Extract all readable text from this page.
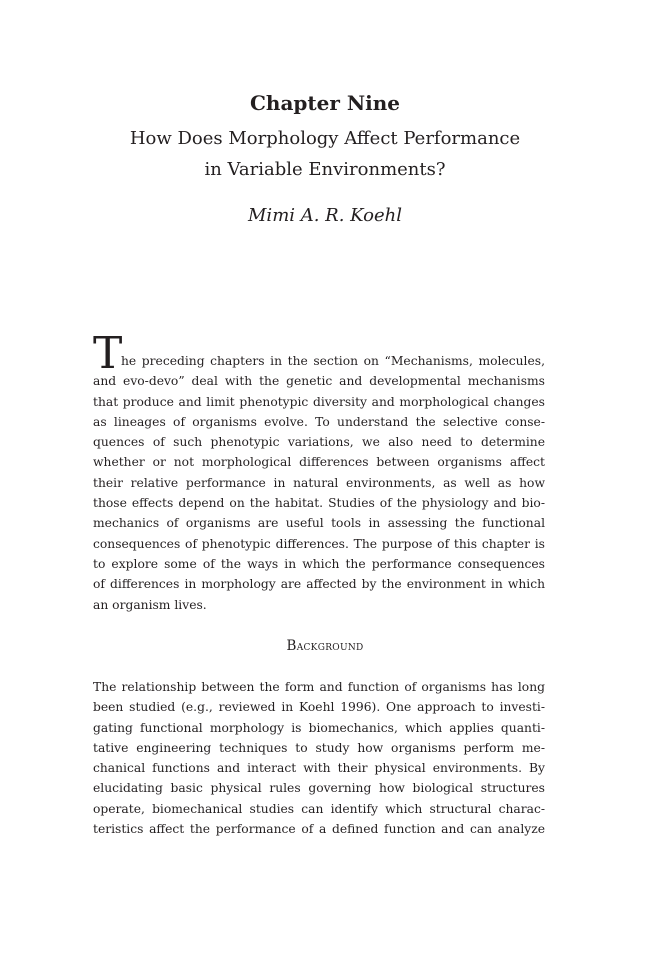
Chapter Nine
How Does Morphology Affect Performance
in Variable Environments?
Mimi A. R. Koehl
T
he preceding chapters in the section on “Mechanisms, molecules,
and evo-devo” deal with the genetic and developmental mechanisms
that produce and limit phenotypic diversity and morphological changes
as lineages of organisms evolve. To understand the selective conse-
quences of such phenotypic variations, we also need to determine
whether or not morphological differences between organisms affect
their relative performance in natural environments, as well as how
those effects depend on the habitat. Studies of the physiology and bio-
mechanics of organisms are useful tools in assessing the functional
consequences of phenotypic differences. The purpose of this chapter is
to explore some of the ways in which the performance consequences
of differences in morphology are affected by the environment in which
an organism lives.
Background
The relationship between the form and function of organisms has long
been studied (e.g., reviewed in Koehl 1996). One approach to investi-
gating functional morphology is biomechanics, which applies quanti-
tative engineering techniques to study how organisms perform me-
chanical functions and interact with their physical environments. By
elucidating basic physical rules governing how biological structures
operate, biomechanical studies can identify which structural charac-
teristics affect the performance of a defined function and can analyze
